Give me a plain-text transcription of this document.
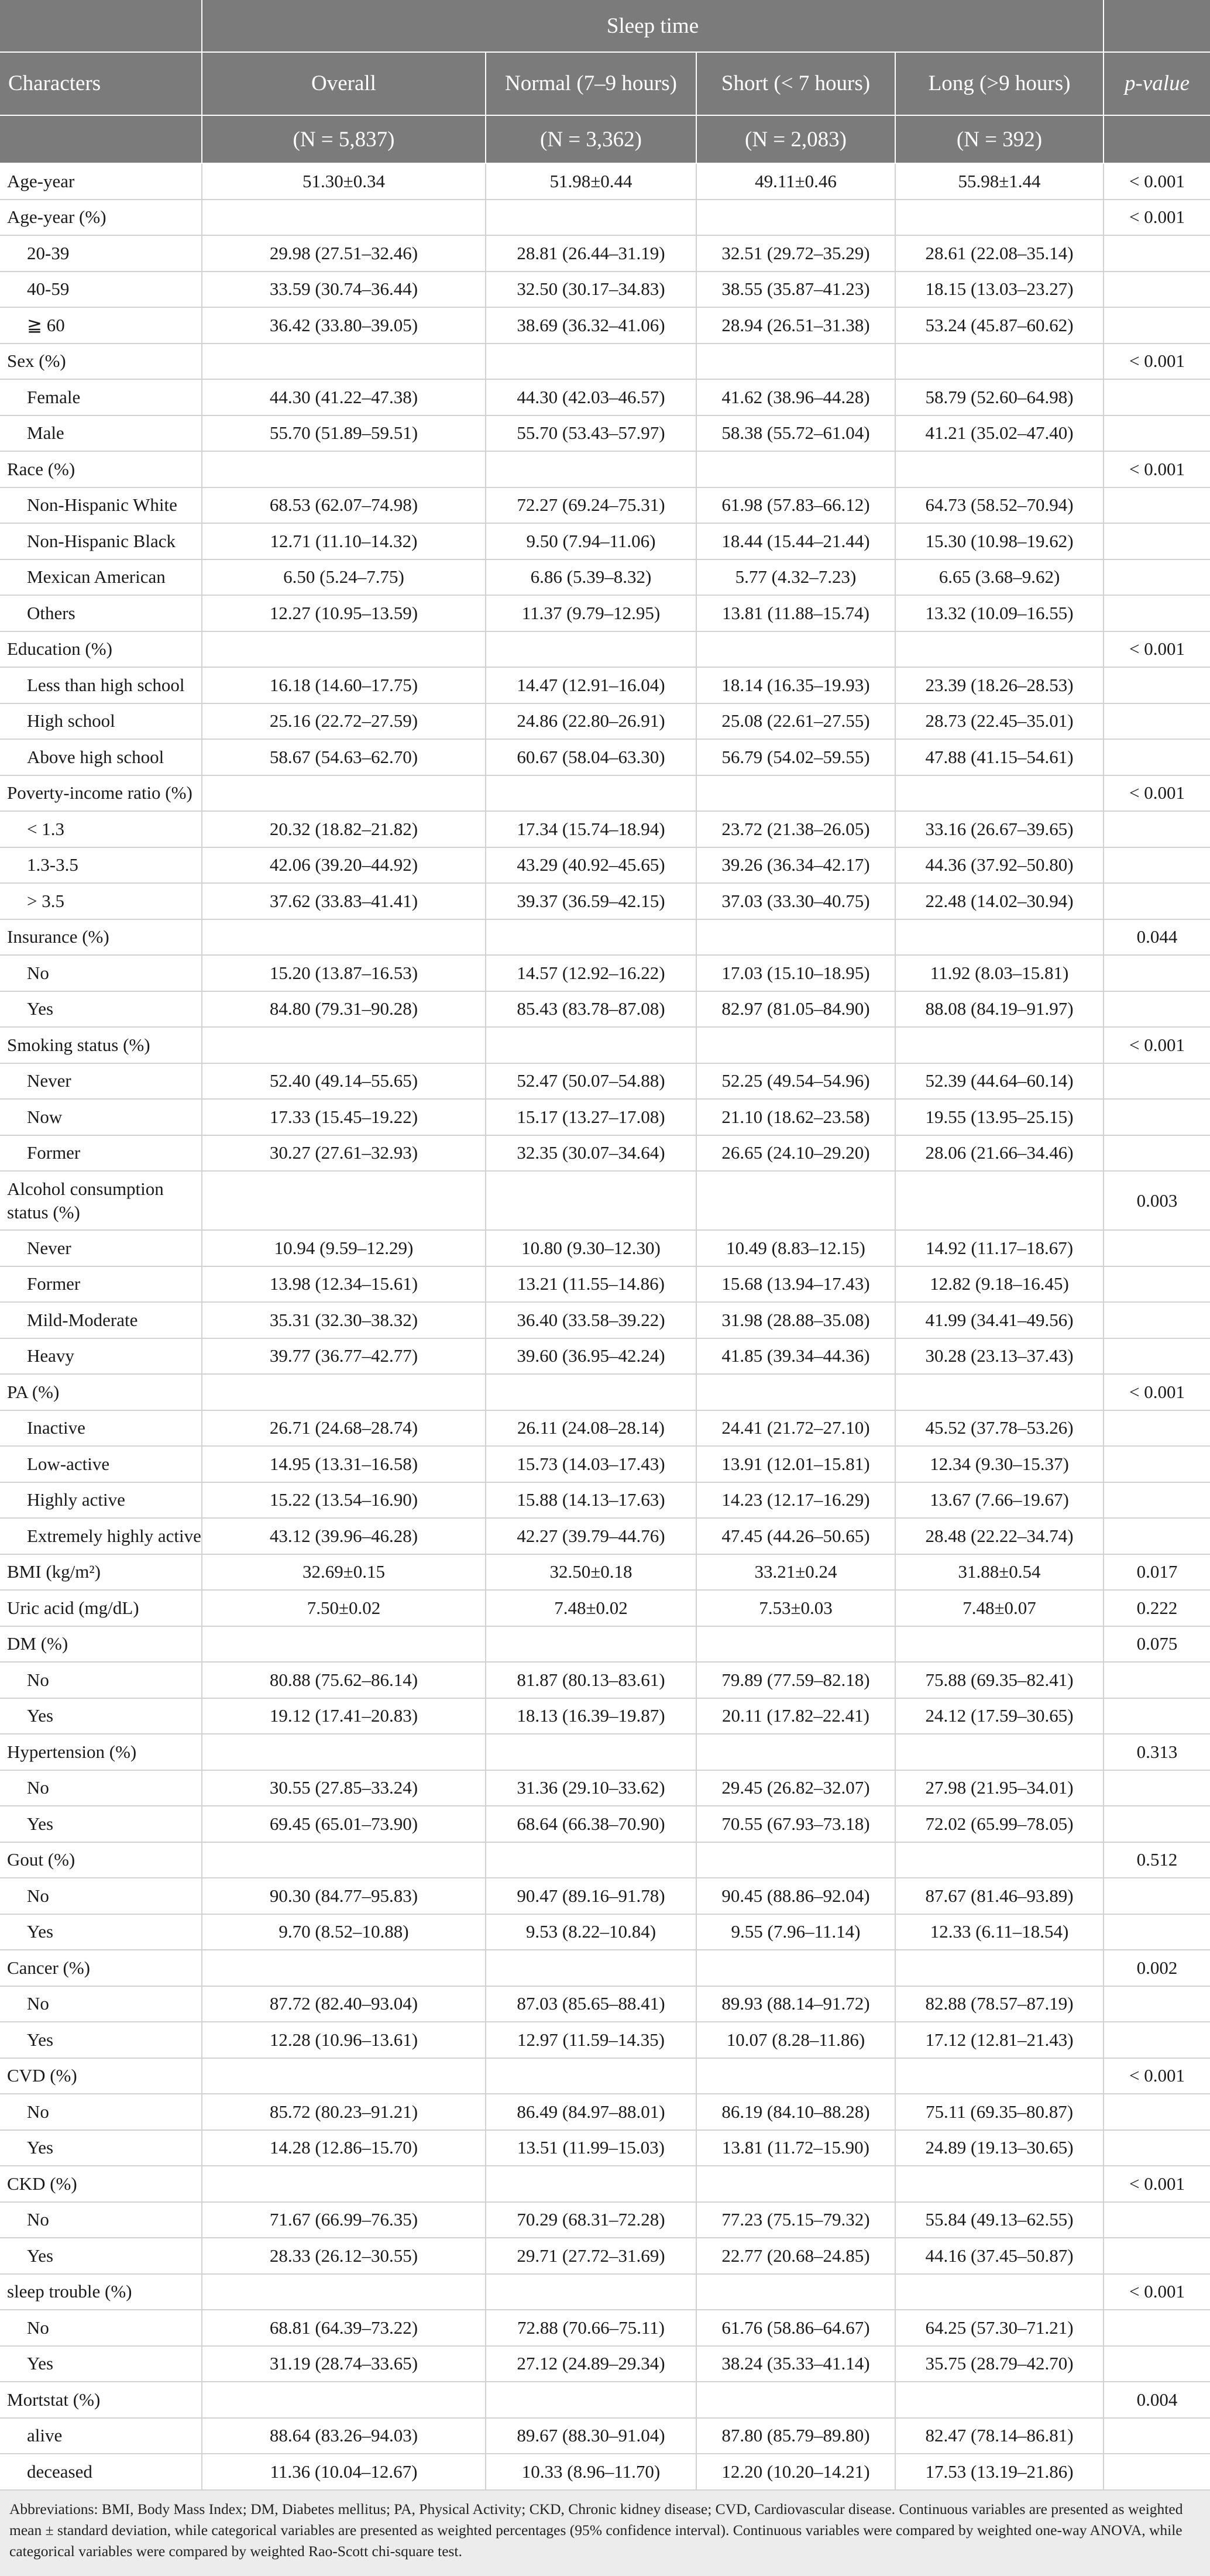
	Sleep time				
Characters	Overall	Normal (7–9 hours)	Short (< 7 hours)	Long (>9 hours)	p-value
	(N = 5,837)	(N = 3,362)	(N = 2,083)	(N = 392)	
Age-year	51.30±0.34	51.98±0.44	49.11±0.46	55.98±1.44	< 0.001
Age-year (%)					< 0.001
20-39	29.98 (27.51–32.46)	28.81 (26.44–31.19)	32.51 (29.72–35.29)	28.61 (22.08–35.14)	
40-59	33.59 (30.74–36.44)	32.50 (30.17–34.83)	38.55 (35.87–41.23)	18.15 (13.03–23.27)	
≧ 60	36.42 (33.80–39.05)	38.69 (36.32–41.06)	28.94 (26.51–31.38)	53.24 (45.87–60.62)	
Sex (%)					< 0.001
Female	44.30 (41.22–47.38)	44.30 (42.03–46.57)	41.62 (38.96–44.28)	58.79 (52.60–64.98)	
Male	55.70 (51.89–59.51)	55.70 (53.43–57.97)	58.38 (55.72–61.04)	41.21 (35.02–47.40)	
Race (%)					< 0.001
Non-Hispanic White	68.53 (62.07–74.98)	72.27 (69.24–75.31)	61.98 (57.83–66.12)	64.73 (58.52–70.94)	
Non-Hispanic Black	12.71 (11.10–14.32)	9.50 (7.94–11.06)	18.44 (15.44–21.44)	15.30 (10.98–19.62)	
Mexican American	6.50 (5.24–7.75)	6.86 (5.39–8.32)	5.77 (4.32–7.23)	6.65 (3.68–9.62)	
Others	12.27 (10.95–13.59)	11.37 (9.79–12.95)	13.81 (11.88–15.74)	13.32 (10.09–16.55)	
Education (%)					< 0.001
Less than high school	16.18 (14.60–17.75)	14.47 (12.91–16.04)	18.14 (16.35–19.93)	23.39 (18.26–28.53)	
High school	25.16 (22.72–27.59)	24.86 (22.80–26.91)	25.08 (22.61–27.55)	28.73 (22.45–35.01)	
Above high school	58.67 (54.63–62.70)	60.67 (58.04–63.30)	56.79 (54.02–59.55)	47.88 (41.15–54.61)	
Poverty-income ratio (%)					< 0.001
< 1.3	20.32 (18.82–21.82)	17.34 (15.74–18.94)	23.72 (21.38–26.05)	33.16 (26.67–39.65)	
1.3-3.5	42.06 (39.20–44.92)	43.29 (40.92–45.65)	39.26 (36.34–42.17)	44.36 (37.92–50.80)	
> 3.5	37.62 (33.83–41.41)	39.37 (36.59–42.15)	37.03 (33.30–40.75)	22.48 (14.02–30.94)	
Insurance (%)					0.044
No	15.20 (13.87–16.53)	14.57 (12.92–16.22)	17.03 (15.10–18.95)	11.92 (8.03–15.81)	
Yes	84.80 (79.31–90.28)	85.43 (83.78–87.08)	82.97 (81.05–84.90)	88.08 (84.19–91.97)	
Smoking status (%)					< 0.001
Never	52.40 (49.14–55.65)	52.47 (50.07–54.88)	52.25 (49.54–54.96)	52.39 (44.64–60.14)	
Now	17.33 (15.45–19.22)	15.17 (13.27–17.08)	21.10 (18.62–23.58)	19.55 (13.95–25.15)	
Former	30.27 (27.61–32.93)	32.35 (30.07–34.64)	26.65 (24.10–29.20)	28.06 (21.66–34.46)	
Alcohol consumption status (%)					0.003
Never	10.94 (9.59–12.29)	10.80 (9.30–12.30)	10.49 (8.83–12.15)	14.92 (11.17–18.67)	
Former	13.98 (12.34–15.61)	13.21 (11.55–14.86)	15.68 (13.94–17.43)	12.82 (9.18–16.45)	
Mild-Moderate	35.31 (32.30–38.32)	36.40 (33.58–39.22)	31.98 (28.88–35.08)	41.99 (34.41–49.56)	
Heavy	39.77 (36.77–42.77)	39.60 (36.95–42.24)	41.85 (39.34–44.36)	30.28 (23.13–37.43)	
PA (%)					< 0.001
Inactive	26.71 (24.68–28.74)	26.11 (24.08–28.14)	24.41 (21.72–27.10)	45.52 (37.78–53.26)	
Low-active	14.95 (13.31–16.58)	15.73 (14.03–17.43)	13.91 (12.01–15.81)	12.34 (9.30–15.37)	
Highly active	15.22 (13.54–16.90)	15.88 (14.13–17.63)	14.23 (12.17–16.29)	13.67 (7.66–19.67)	
Extremely highly active	43.12 (39.96–46.28)	42.27 (39.79–44.76)	47.45 (44.26–50.65)	28.48 (22.22–34.74)	
BMI (kg/m²)	32.69±0.15	32.50±0.18	33.21±0.24	31.88±0.54	0.017
Uric acid (mg/dL)	7.50±0.02	7.48±0.02	7.53±0.03	7.48±0.07	0.222
DM (%)					0.075
No	80.88 (75.62–86.14)	81.87 (80.13–83.61)	79.89 (77.59–82.18)	75.88 (69.35–82.41)	
Yes	19.12 (17.41–20.83)	18.13 (16.39–19.87)	20.11 (17.82–22.41)	24.12 (17.59–30.65)	
Hypertension (%)					0.313
No	30.55 (27.85–33.24)	31.36 (29.10–33.62)	29.45 (26.82–32.07)	27.98 (21.95–34.01)	
Yes	69.45 (65.01–73.90)	68.64 (66.38–70.90)	70.55 (67.93–73.18)	72.02 (65.99–78.05)	
Gout (%)					0.512
No	90.30 (84.77–95.83)	90.47 (89.16–91.78)	90.45 (88.86–92.04)	87.67 (81.46–93.89)	
Yes	9.70 (8.52–10.88)	9.53 (8.22–10.84)	9.55 (7.96–11.14)	12.33 (6.11–18.54)	
Cancer (%)					0.002
No	87.72 (82.40–93.04)	87.03 (85.65–88.41)	89.93 (88.14–91.72)	82.88 (78.57–87.19)	
Yes	12.28 (10.96–13.61)	12.97 (11.59–14.35)	10.07 (8.28–11.86)	17.12 (12.81–21.43)	
CVD (%)					< 0.001
No	85.72 (80.23–91.21)	86.49 (84.97–88.01)	86.19 (84.10–88.28)	75.11 (69.35–80.87)	
Yes	14.28 (12.86–15.70)	13.51 (11.99–15.03)	13.81 (11.72–15.90)	24.89 (19.13–30.65)	
CKD (%)					< 0.001
No	71.67 (66.99–76.35)	70.29 (68.31–72.28)	77.23 (75.15–79.32)	55.84 (49.13–62.55)	
Yes	28.33 (26.12–30.55)	29.71 (27.72–31.69)	22.77 (20.68–24.85)	44.16 (37.45–50.87)	
sleep trouble (%)					< 0.001
No	68.81 (64.39–73.22)	72.88 (70.66–75.11)	61.76 (58.86–64.67)	64.25 (57.30–71.21)	
Yes	31.19 (28.74–33.65)	27.12 (24.89–29.34)	38.24 (35.33–41.14)	35.75 (28.79–42.70)	
Mortstat (%)					0.004
alive	88.64 (83.26–94.03)	89.67 (88.30–91.04)	87.80 (85.79–89.80)	82.47 (78.14–86.81)	
deceased	11.36 (10.04–12.67)	10.33 (8.96–11.70)	12.20 (10.20–14.21)	17.53 (13.19–21.86)	
Abbreviations: BMI, Body Mass Index; DM, Diabetes mellitus; PA, Physical Activity; CKD, Chronic kidney disease; CVD, Cardiovascular disease. Continuous variables are presented as weighted mean ± standard deviation, while categorical variables are presented as weighted percentages (95% confidence interval). Continuous variables were compared by weighted one-way ANOVA, while categorical variables were compared by weighted Rao-Scott chi-square test.					
